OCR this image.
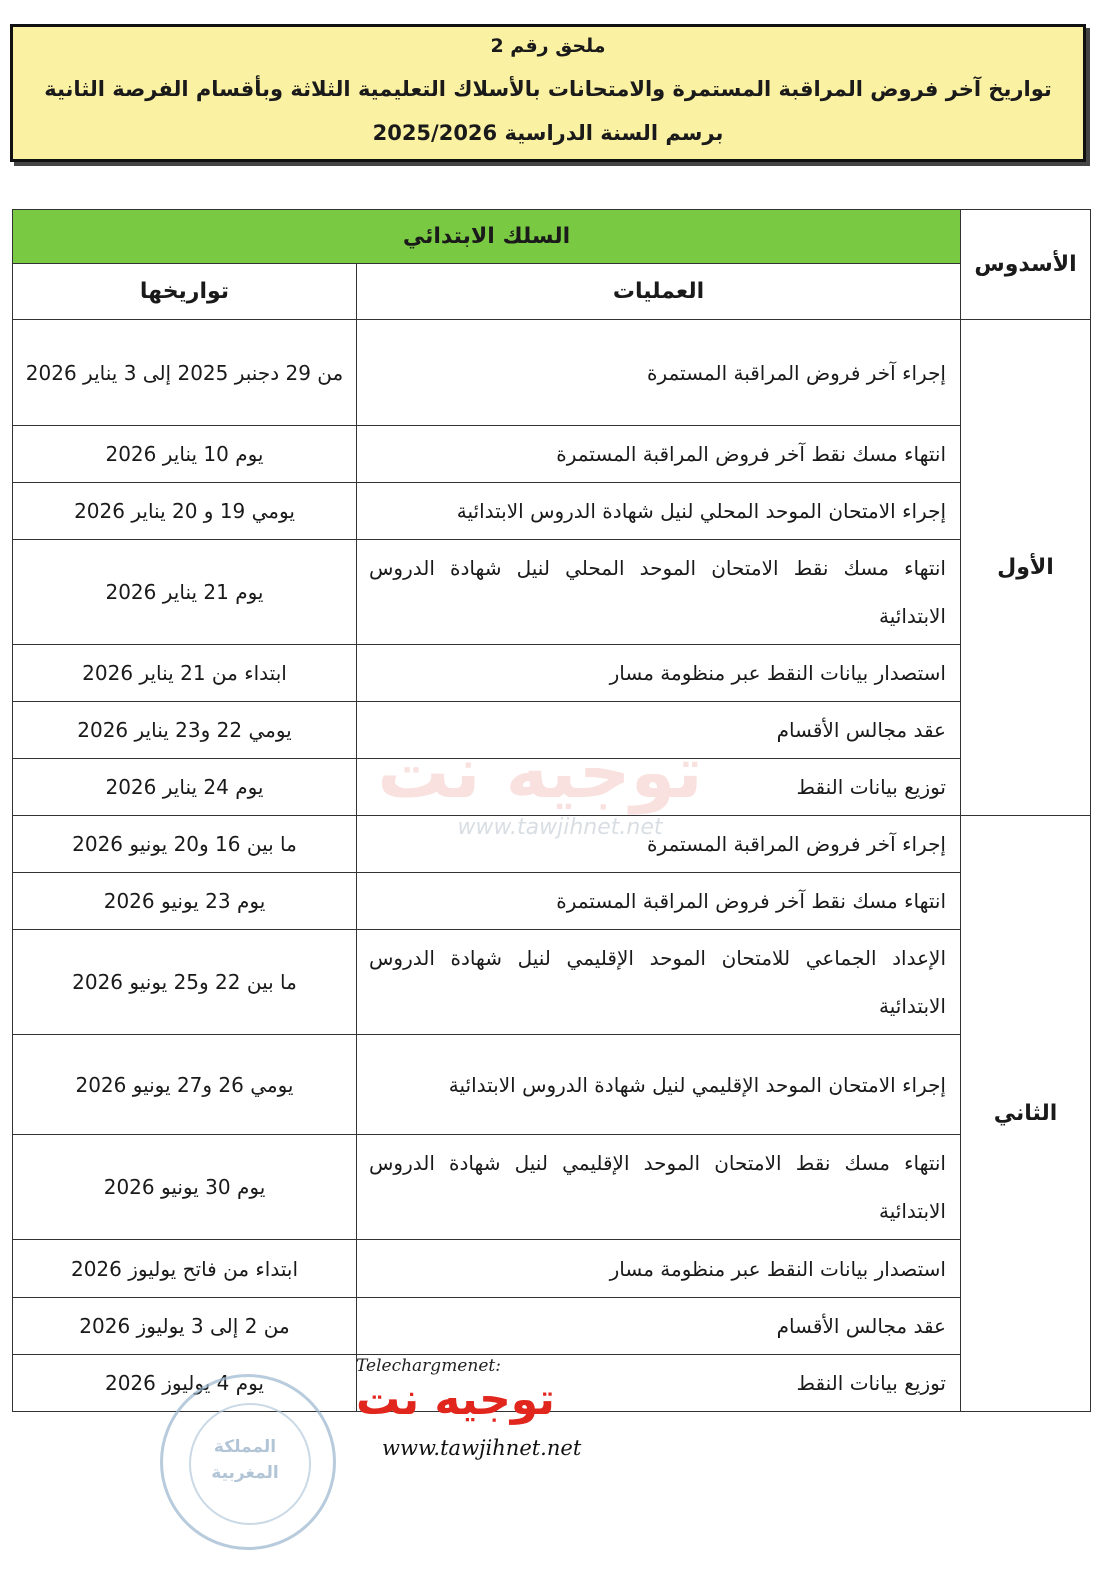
ملحق رقم 2
تواريخ آخر فروض المراقبة المستمرة والامتحانات بالأسلاك التعليمية الثلاثة وبأقسام الفرصة الثانية
برسم السنة الدراسية 2025/2026
توجيه نت
www.tawjihnet.net
الأسدوس	السلك الابتدائي	
	العمليات	تواريخها
الأول	إجراء آخر فروض المراقبة المستمرة	من 29 دجنبر 2025 إلى 3 يناير 2026
	انتهاء مسك نقط آخر فروض المراقبة المستمرة	يوم 10 يناير 2026
	إجراء الامتحان الموحد المحلي لنيل شهادة الدروس الابتدائية	يومي 19 و 20 يناير 2026
	انتهاء مسك نقط الامتحان الموحد المحلي لنيل شهادة الدروس الابتدائية	يوم 21 يناير 2026
	استصدار بيانات النقط عبر منظومة مسار	ابتداء من 21 يناير 2026
	عقد مجالس الأقسام	يومي 22 و23 يناير 2026
	توزيع بيانات النقط	يوم 24 يناير 2026
الثاني	إجراء آخر فروض المراقبة المستمرة	ما بين 16 و20 يونيو 2026
	انتهاء مسك نقط آخر فروض المراقبة المستمرة	يوم 23 يونيو 2026
	الإعداد الجماعي للامتحان الموحد الإقليمي لنيل شهادة الدروس الابتدائية	ما بين 22 و25 يونيو 2026
	إجراء الامتحان الموحد الإقليمي لنيل شهادة الدروس الابتدائية	يومي 26 و27 يونيو 2026
	انتهاء مسك نقط الامتحان الموحد الإقليمي لنيل شهادة الدروس الابتدائية	يوم 30 يونيو 2026
	استصدار بيانات النقط عبر منظومة مسار	ابتداء من فاتح يوليوز 2026
	عقد مجالس الأقسام	من 2 إلى 3 يوليوز 2026
	توزيع بيانات النقط	يوم 4 يوليوز 2026
المملكة المغربية
Telechargmenet:
توجيه نت
www.tawjihnet.net
